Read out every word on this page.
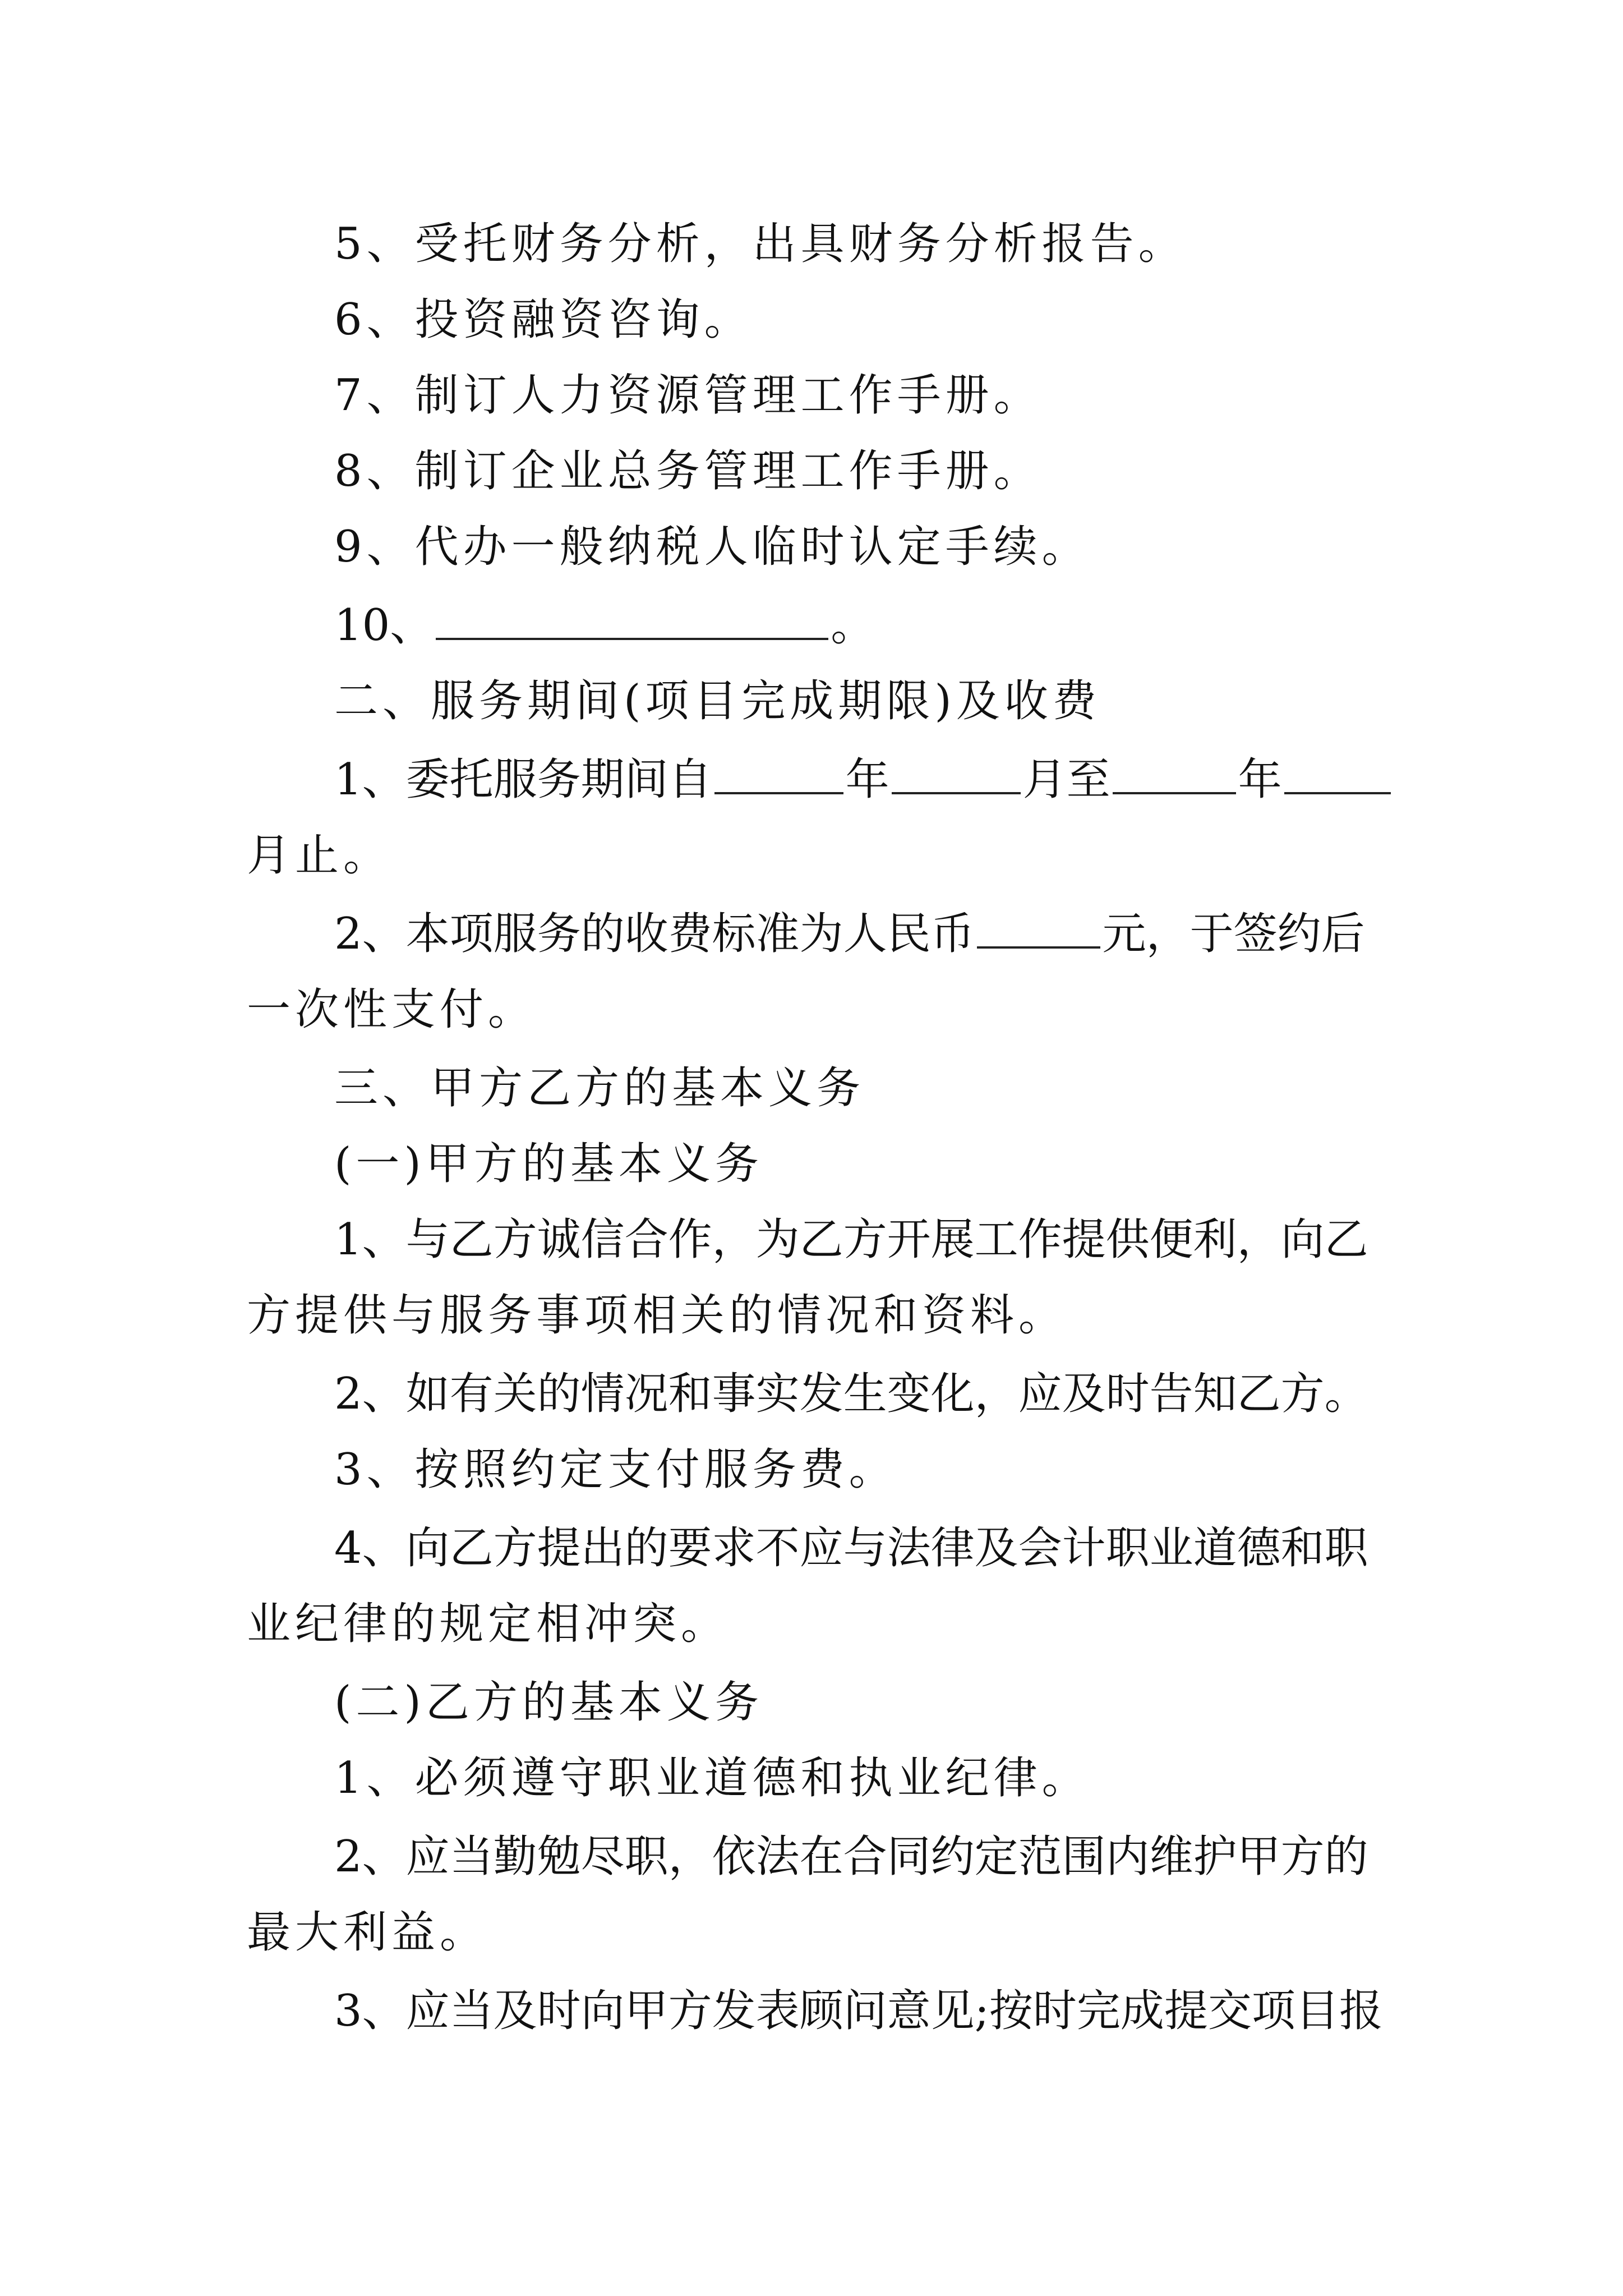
5、受托财务分析，出具财务分析报告。
6、投资融资咨询。
7、制订人力资源管理工作手册。
8、制订企业总务管理工作手册。
9、代办一般纳税人临时认定手续。
10、	。
二、服务期间(项目完成期限)及收费
1、委托服务期间自	年	月至	年
月止。
2、本项服务的收费标准为人民币	元，于签约后
一次性支付。
三、甲方乙方的基本义务
(一)甲方的基本义务
1、与乙方诚信合作，为乙方开展工作提供便利，向乙
方提供与服务事项相关的情况和资料。
2、如有关的情况和事实发生变化，应及时告知乙方。
3、按照约定支付服务费。
4、向乙方提出的要求不应与法律及会计职业道德和职
业纪律的规定相冲突。
(二)乙方的基本义务
1、必须遵守职业道德和执业纪律。
2、应当勤勉尽职，依法在合同约定范围内维护甲方的
最大利益。
3、应当及时向甲方发表顾问意见;按时完成提交项目报
